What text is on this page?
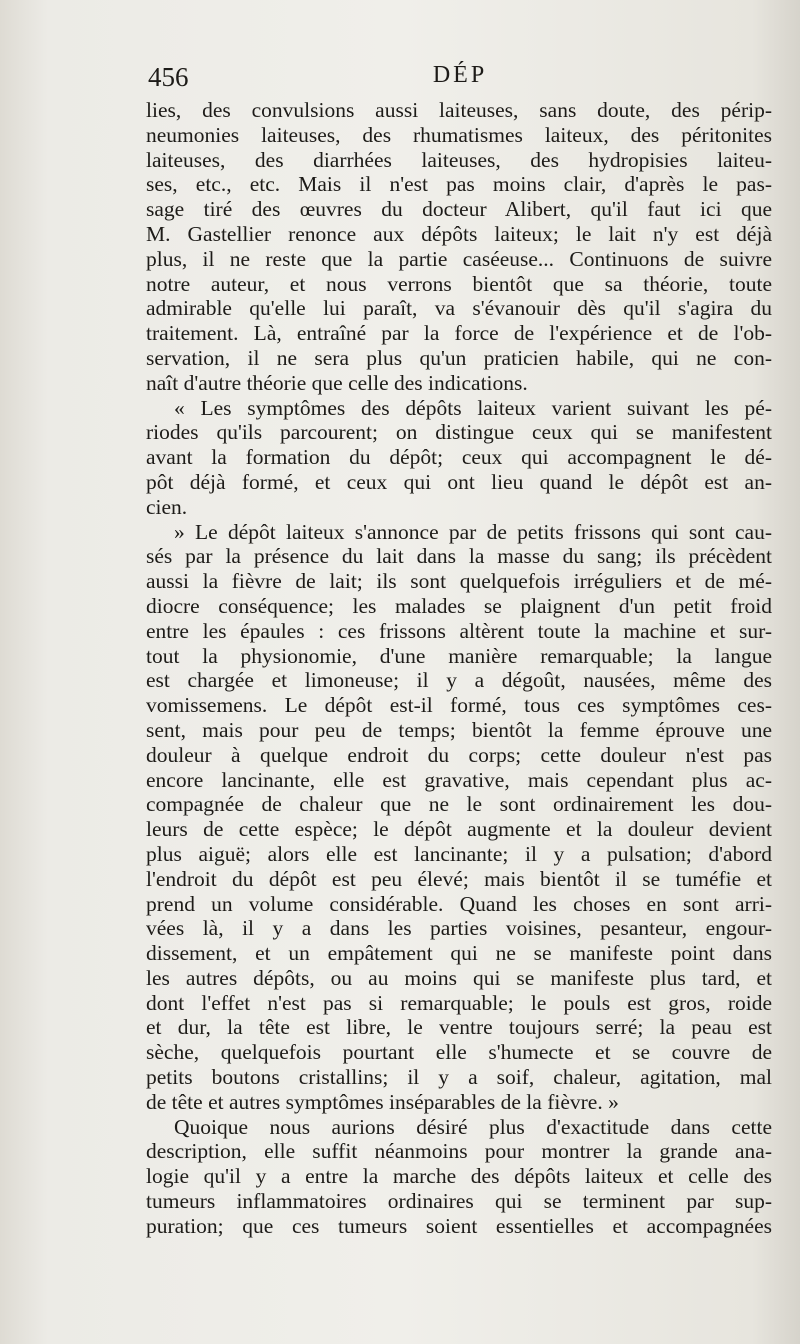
456	DÉP
lies, des convulsions aussi laiteuses, sans doute, des périp-
neumonies laiteuses, des rhumatismes laiteux, des péritonites
laiteuses, des diarrhées laiteuses, des hydropisies laiteu-
ses, etc., etc. Mais il n'est pas moins clair, d'après le pas-
sage tiré des œuvres du docteur Alibert, qu'il faut ici que
M. Gastellier renonce aux dépôts laiteux; le lait n'y est déjà
plus, il ne reste que la partie caséeuse... Continuons de suivre
notre auteur, et nous verrons bientôt que sa théorie, toute
admirable qu'elle lui paraît, va s'évanouir dès qu'il s'agira du
traitement. Là, entraîné par la force de l'expérience et de l'ob-
servation, il ne sera plus qu'un praticien habile, qui ne con-
naît d'autre théorie que celle des indications.
« Les symptômes des dépôts laiteux varient suivant les pé-
riodes qu'ils parcourent; on distingue ceux qui se manifestent
avant la formation du dépôt; ceux qui accompagnent le dé-
pôt déjà formé, et ceux qui ont lieu quand le dépôt est an-
cien.
» Le dépôt laiteux s'annonce par de petits frissons qui sont cau-
sés par la présence du lait dans la masse du sang; ils précèdent
aussi la fièvre de lait; ils sont quelquefois irréguliers et de mé-
diocre conséquence; les malades se plaignent d'un petit froid
entre les épaules : ces frissons altèrent toute la machine et sur-
tout la physionomie, d'une manière remarquable; la langue
est chargée et limoneuse; il y a dégoût, nausées, même des
vomissemens. Le dépôt est-il formé, tous ces symptômes ces-
sent, mais pour peu de temps; bientôt la femme éprouve une
douleur à quelque endroit du corps; cette douleur n'est pas
encore lancinante, elle est gravative, mais cependant plus ac-
compagnée de chaleur que ne le sont ordinairement les dou-
leurs de cette espèce; le dépôt augmente et la douleur devient
plus aiguë; alors elle est lancinante; il y a pulsation; d'abord
l'endroit du dépôt est peu élevé; mais bientôt il se tuméfie et
prend un volume considérable. Quand les choses en sont arri-
vées là, il y a dans les parties voisines, pesanteur, engour-
dissement, et un empâtement qui ne se manifeste point dans
les autres dépôts, ou au moins qui se manifeste plus tard, et
dont l'effet n'est pas si remarquable; le pouls est gros, roide
et dur, la tête est libre, le ventre toujours serré; la peau est
sèche, quelquefois pourtant elle s'humecte et se couvre de
petits boutons cristallins; il y a soif, chaleur, agitation, mal
de tête et autres symptômes inséparables de la fièvre. »
Quoique nous aurions désiré plus d'exactitude dans cette
description, elle suffit néanmoins pour montrer la grande ana-
logie qu'il y a entre la marche des dépôts laiteux et celle des
tumeurs inflammatoires ordinaires qui se terminent par sup-
puration; que ces tumeurs soient essentielles et accompagnées
